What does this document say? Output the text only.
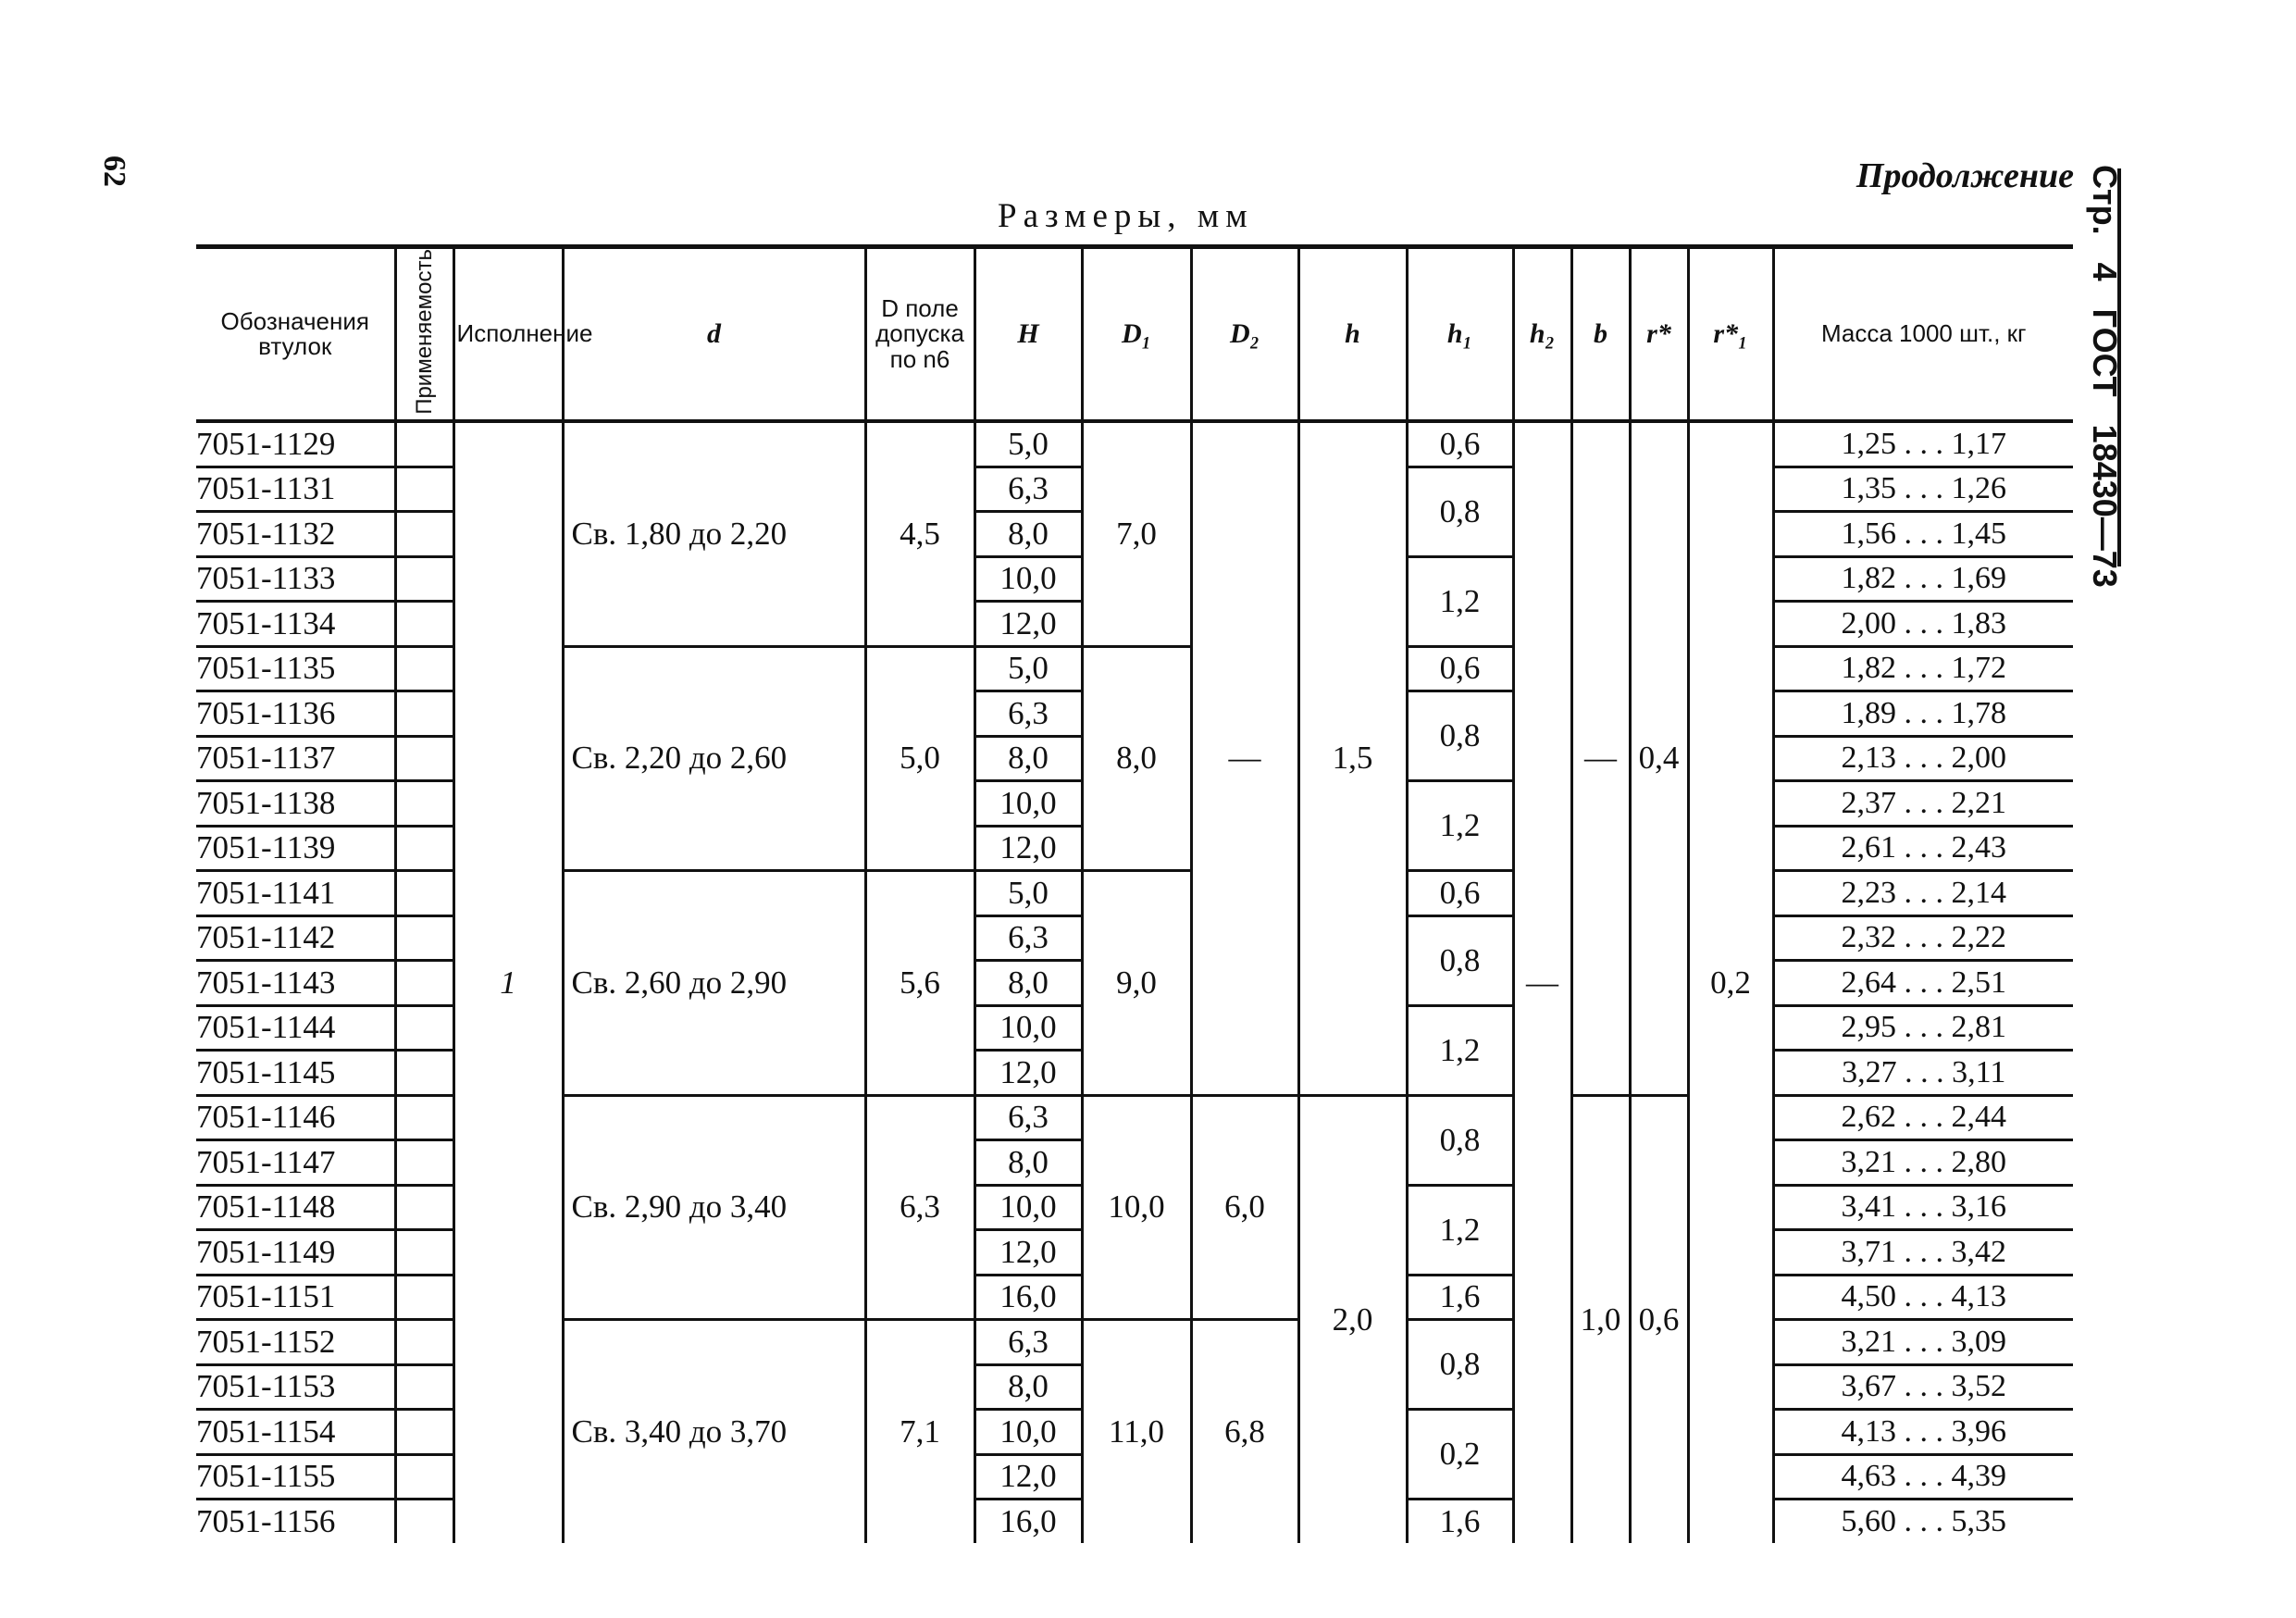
62	Продолжение Стр. 4 ГОСТ 18430—73
Размеры, мм
Обозначения втулок	Применяемость	Исполнение	d	D поле допуска по n6	H	D₁	D₂	h	h₁	h₂	b	r*	r*₁	Масса 1000 шт., кг
7051-1129		1	Св. 1,80 до 2,20	4,5	5,0	7,0	—	1,5	0,6	—	—	0,4	0,2	1,25 . . . 1,17
7051-1131					6,3				0,8					1,35 . . . 1,26
7051-1132					8,0									1,56 . . . 1,45
7051-1133					10,0				1,2					1,82 . . . 1,69
7051-1134					12,0									2,00 . . . 1,83
7051-1135			Св. 2,20 до 2,60	5,0	5,0	8,0			0,6					1,82 . . . 1,72
7051-1136					6,3				0,8					1,89 . . . 1,78
7051-1137					8,0									2,13 . . . 2,00
7051-1138					10,0				1,2					2,37 . . . 2,21
7051-1139					12,0									2,61 . . . 2,43
7051-1141			Св. 2,60 до 2,90	5,6	5,0	9,0			0,6					2,23 . . . 2,14
7051-1142					6,3				0,8					2,32 . . . 2,22
7051-1143					8,0									2,64 . . . 2,51
7051-1144					10,0				1,2					2,95 . . . 2,81
7051-1145					12,0									3,27 . . . 3,11
7051-1146			Св. 2,90 до 3,40	6,3	6,3	10,0	6,0	2,0	0,8		1,0	0,6		2,62 . . . 2,44
7051-1147					8,0									3,21 . . . 2,80
7051-1148					10,0				1,2					3,41 . . . 3,16
7051-1149					12,0									3,71 . . . 3,42
7051-1151					16,0				1,6					4,50 . . . 4,13
7051-1152			Св. 3,40 до 3,70	7,1	6,3	11,0	6,8		0,8					3,21 . . . 3,09
7051-1153					8,0									3,67 . . . 3,52
7051-1154					10,0				0,2					4,13 . . . 3,96
7051-1155					12,0									4,63 . . . 4,39
7051-1156					16,0				1,6					5,60 . . . 5,35
